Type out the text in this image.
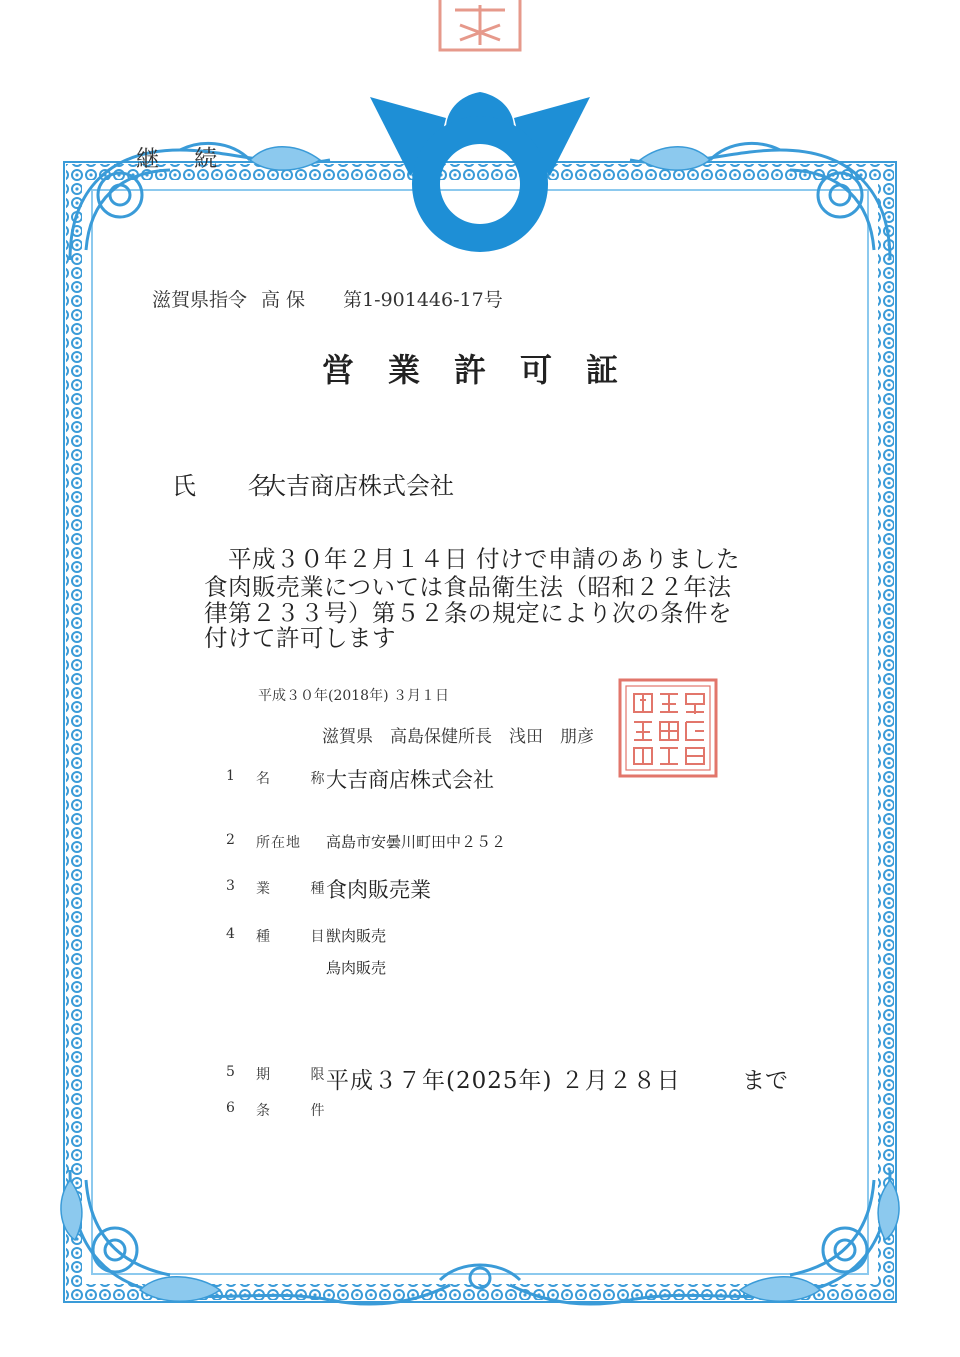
継 続
滋賀県指令 高 保 第1-901446-17号
営業許可証
氏 名
大吉商店株式会社
　平成３０年２月１４日 付けで申請のありました
食肉販売業については食品衛生法（昭和２２年法
律第２３３号）第５２条の規定により次の条件を
付けて許可します
平成３０年(2018年) ３月１日
滋賀県　高島保健所長　浅田　朋彦
1 名 称
大吉商店株式会社
2 所在地 高島市安曇川町田中２５２
3 業 種
食肉販売業
4 種 目
獣肉販売
鳥肉販売
5 期 限
平成３７年(2025年) ２月２８日	まで
6 条 件
